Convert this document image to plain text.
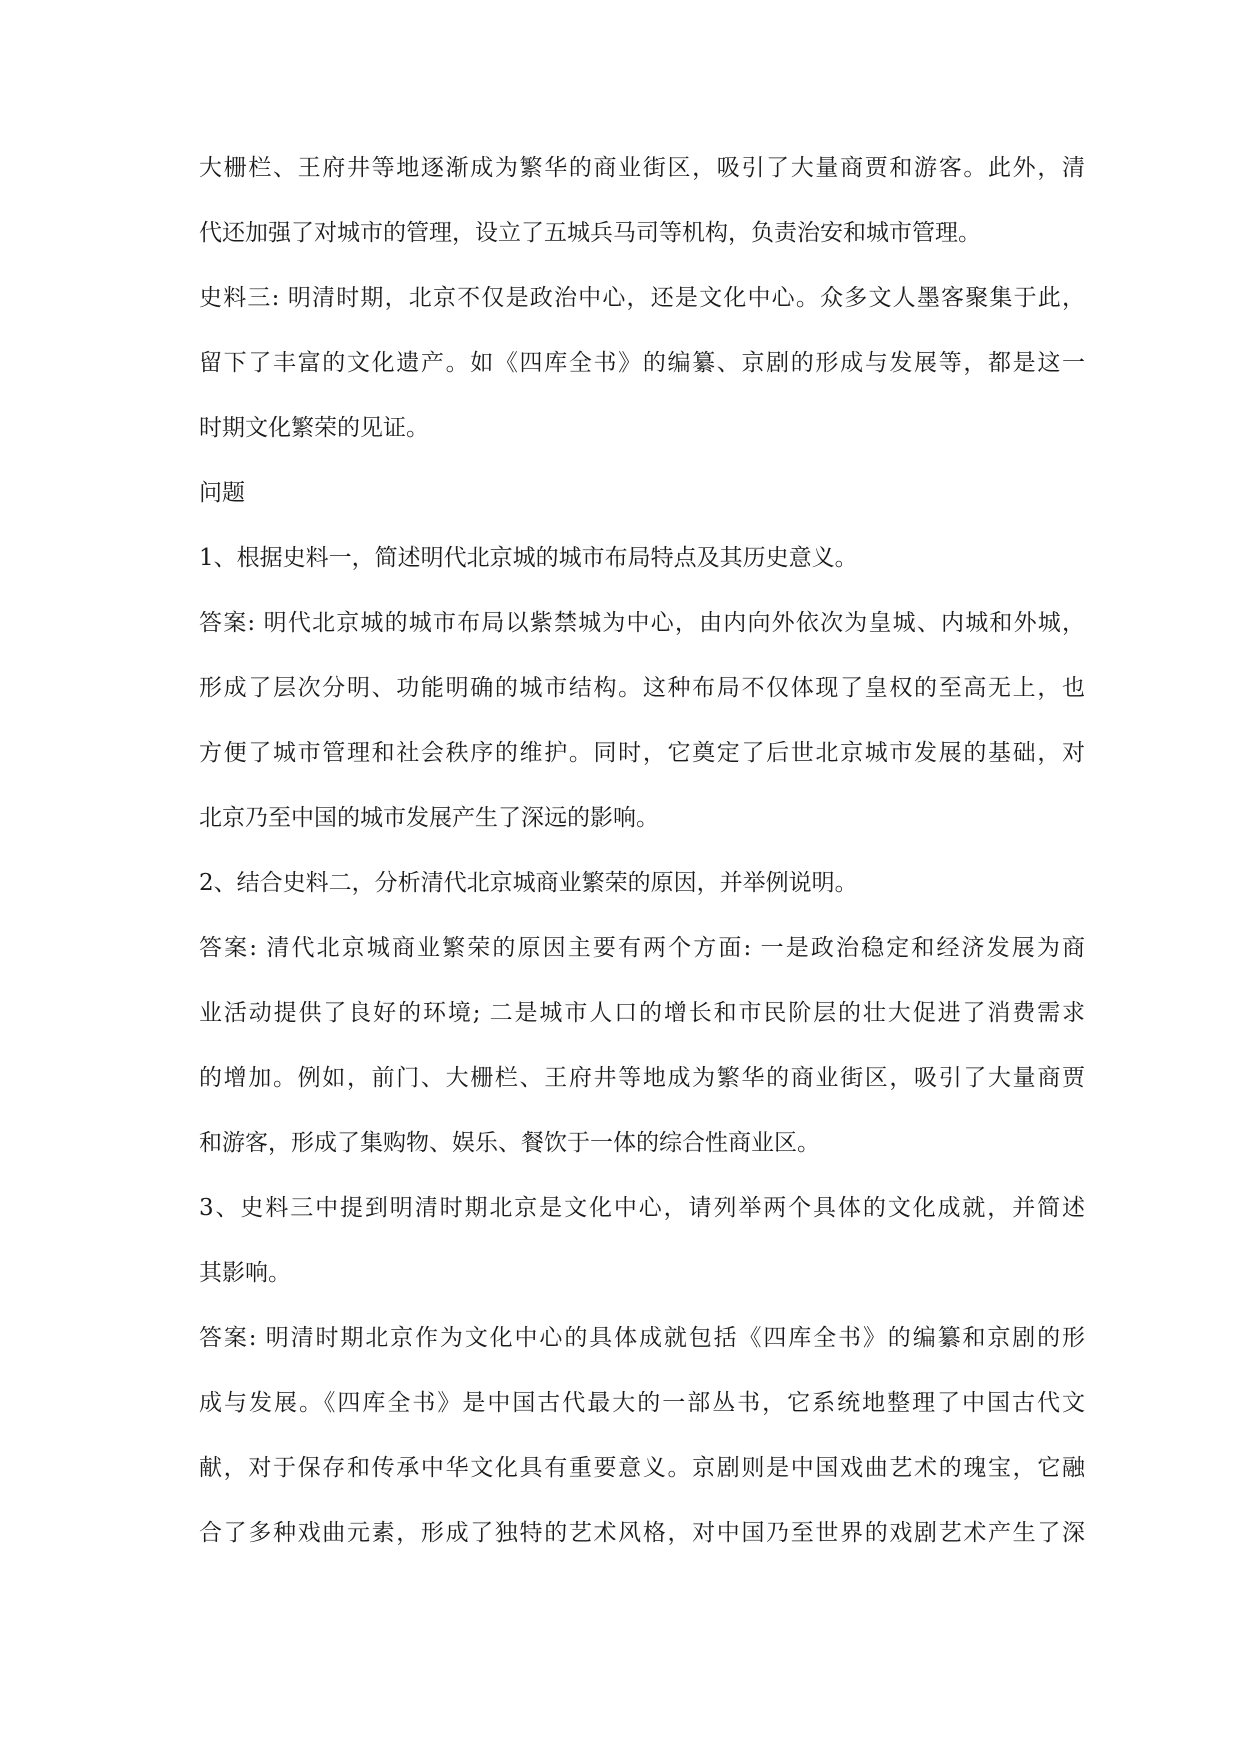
大栅栏、王府井等地逐渐成为繁华的商业街区，吸引了大量商贾和游客。此外，清
代还加强了对城市的管理，设立了五城兵马司等机构，负责治安和城市管理。
史料三: 明清时期，北京不仅是政治中心，还是文化中心。众多文人墨客聚集于此，
留下了丰富的文化遗产。如《四库全书》的编纂、京剧的形成与发展等，都是这一
时期文化繁荣的见证。
问题
1、根据史料一，简述明代北京城的城市布局特点及其历史意义。
答案: 明代北京城的城市布局以紫禁城为中心，由内向外依次为皇城、内城和外城，
形成了层次分明、功能明确的城市结构。这种布局不仅体现了皇权的至高无上，也
方便了城市管理和社会秩序的维护。同时，它奠定了后世北京城市发展的基础，对
北京乃至中国的城市发展产生了深远的影响。
2、结合史料二，分析清代北京城商业繁荣的原因，并举例说明。
答案: 清代北京城商业繁荣的原因主要有两个方面: 一是政治稳定和经济发展为商
业活动提供了良好的环境; 二是城市人口的增长和市民阶层的壮大促进了消费需求
的增加。例如，前门、大栅栏、王府井等地成为繁华的商业街区，吸引了大量商贾
和游客，形成了集购物、娱乐、餐饮于一体的综合性商业区。
3、史料三中提到明清时期北京是文化中心，请列举两个具体的文化成就，并简述
其影响。
答案: 明清时期北京作为文化中心的具体成就包括《四库全书》的编纂和京剧的形
成与发展。《四库全书》是中国古代最大的一部丛书，它系统地整理了中国古代文
献，对于保存和传承中华文化具有重要意义。京剧则是中国戏曲艺术的瑰宝，它融
合了多种戏曲元素，形成了独特的艺术风格，对中国乃至世界的戏剧艺术产生了深
